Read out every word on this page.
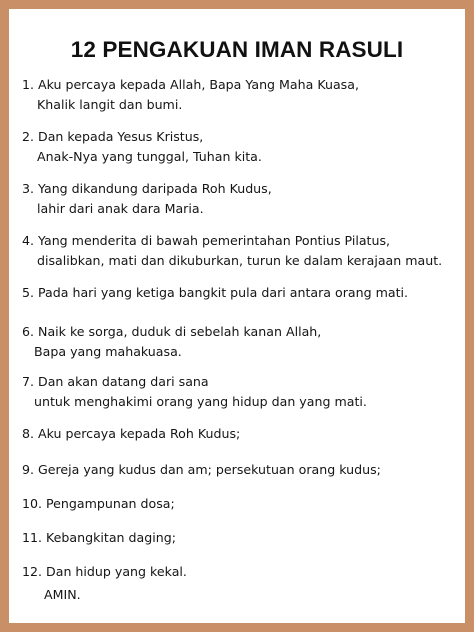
12 PENGAKUAN IMAN RASULI
1. Aku percaya kepada Allah, Bapa Yang Maha Kuasa,
Khalik langit dan bumi.
2. Dan kepada Yesus Kristus,
Anak-Nya yang tunggal, Tuhan kita.
3. Yang dikandung daripada Roh Kudus,
lahir dari anak dara Maria.
4. Yang menderita di bawah pemerintahan Pontius Pilatus,
disalibkan, mati dan dikuburkan, turun ke dalam kerajaan maut.
5. Pada hari yang ketiga bangkit pula dari antara orang mati.
6. Naik ke sorga, duduk di sebelah kanan Allah,
Bapa yang mahakuasa.
7. Dan akan datang dari sana
untuk menghakimi orang yang hidup dan yang mati.
8. Aku percaya kepada Roh Kudus;
9. Gereja yang kudus dan am; persekutuan orang kudus;
10. Pengampunan dosa;
11. Kebangkitan daging;
12. Dan hidup yang kekal.
AMIN.
